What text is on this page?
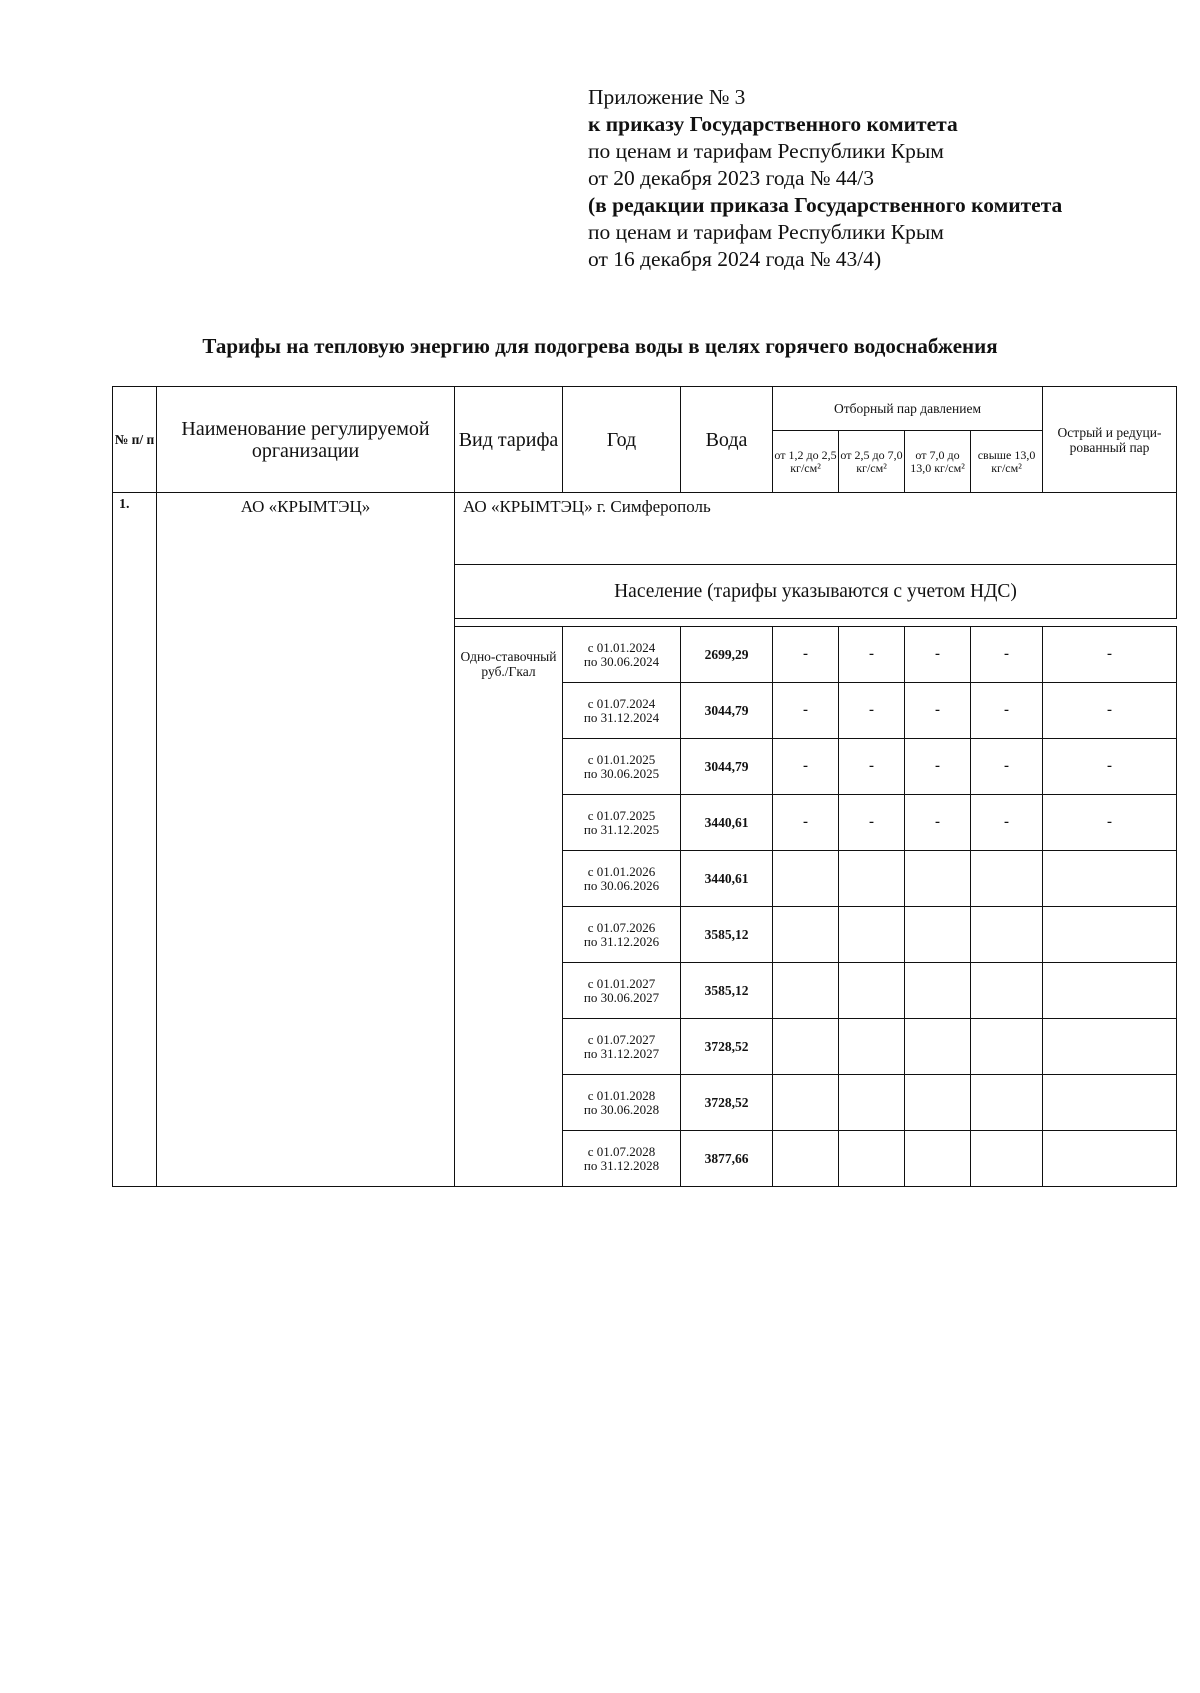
Приложение № 3
к приказу Государственного комитета
по ценам и тарифам Республики Крым
от 20 декабря 2023 года № 44/3
(в редакции приказа Государственного комитета
по ценам и тарифам Республики Крым
от 16 декабря 2024 года № 43/4)
Тарифы на тепловую энергию для подогрева воды в целях горячего водоснабжения
№ п/ п	Наименование регулируемой организации	Вид тарифа	Год	Вода	Отборный пар давлением				Острый и редуци-рованный пар
					от 1,2 до 2,5 кг/см²	от 2,5 до 7,0 кг/см²	от 7,0 до 13,0 кг/см²	свыше 13,0 кг/см²	
1.	АО «КРЫМТЭЦ»	АО «КРЫМТЭЦ» г. Симферополь							
		Население (тарифы указываются с учетом НДС)							

		Одно-ставочный руб./Гкал	с 01.01.2024
по 30.06.2024	2699,29	-	-	-	-	-
			с 01.07.2024
по 31.12.2024	3044,79	-	-	-	-	-
			с 01.01.2025
по 30.06.2025	3044,79	-	-	-	-	-
			с 01.07.2025
по 31.12.2025	3440,61	-	-	-	-	-
			с 01.01.2026
по 30.06.2026	3440,61					
			с 01.07.2026
по 31.12.2026	3585,12					
			с 01.01.2027
по 30.06.2027	3585,12					
			с 01.07.2027
по 31.12.2027	3728,52					
			с 01.01.2028
по 30.06.2028	3728,52					
			с 01.07.2028
по 31.12.2028	3877,66					
